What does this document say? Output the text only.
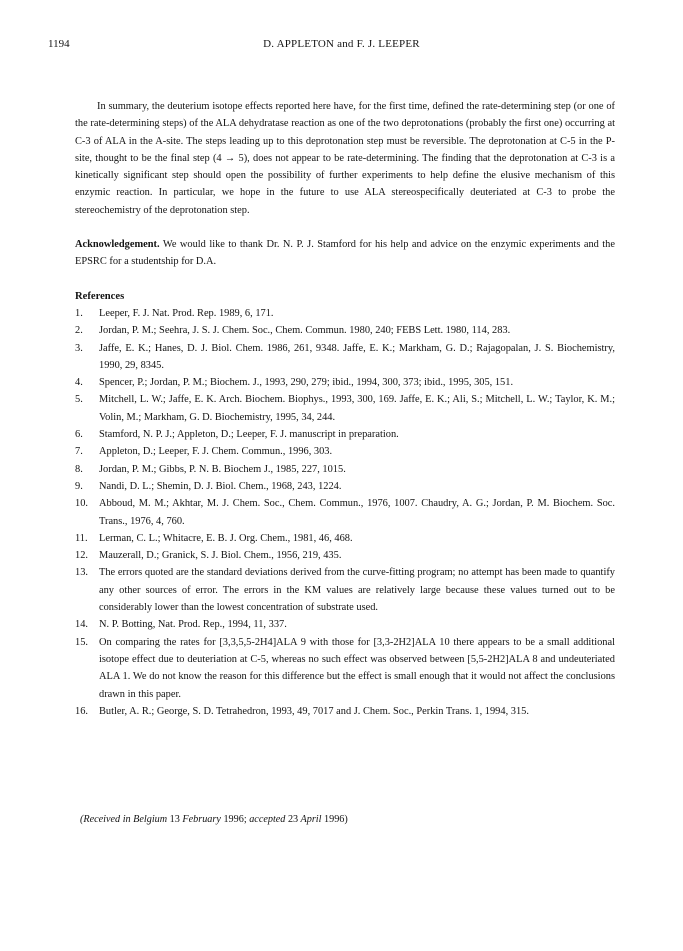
1194	D. APPLETON and F. J. LEEPER

In summary, the deuterium isotope effects reported here have, for the first time, defined the rate-determining step (or one of the rate-determining steps) of the ALA dehydratase reaction as one of the two deprotonations (probably the first one) occurring at C-3 of ALA in the A-site. The steps leading up to this deprotonation step must be reversible. The deprotonation at C-5 in the P-site, thought to be the final step (4 → 5), does not appear to be rate-determining. The finding that the deprotonation at C-3 is a kinetically significant step should open the possibility of further experiments to help define the elusive mechanism of this enzymic reaction. In particular, we hope in the future to use ALA stereospecifically deuteriated at C-3 to probe the stereochemistry of the deprotonation step.

Acknowledgement. We would like to thank Dr. N. P. J. Stamford for his help and advice on the enzymic experiments and the EPSRC for a studentship for D.A.

References

1.	Leeper, F. J. Nat. Prod. Rep. 1989, 6, 171.
2.	Jordan, P. M.; Seehra, J. S. J. Chem. Soc., Chem. Commun. 1980, 240; FEBS Lett. 1980, 114, 283.
3.	Jaffe, E. K.; Hanes, D. J. Biol. Chem. 1986, 261, 9348. Jaffe, E. K.; Markham, G. D.; Rajagopalan, J. S. Biochemistry, 1990, 29, 8345.
4.	Spencer, P.; Jordan, P. M.; Biochem. J., 1993, 290, 279; ibid., 1994, 300, 373; ibid., 1995, 305, 151.
5.	Mitchell, L. W.; Jaffe, E. K. Arch. Biochem. Biophys., 1993, 300, 169. Jaffe, E. K.; Ali, S.; Mitchell, L. W.; Taylor, K. M.; Volin, M.; Markham, G. D. Biochemistry, 1995, 34, 244.
6.	Stamford, N. P. J.; Appleton, D.; Leeper, F. J. manuscript in preparation.
7.	Appleton, D.; Leeper, F. J. Chem. Commun., 1996, 303.
8.	Jordan, P. M.; Gibbs, P. N. B. Biochem J., 1985, 227, 1015.
9.	Nandi, D. L.; Shemin, D. J. Biol. Chem., 1968, 243, 1224.
10.	Abboud, M. M.; Akhtar, M. J. Chem. Soc., Chem. Commun., 1976, 1007. Chaudry, A. G.; Jordan, P. M. Biochem. Soc. Trans., 1976, 4, 760.
11.	Lerman, C. L.; Whitacre, E. B. J. Org. Chem., 1981, 46, 468.
12.	Mauzerall, D.; Granick, S. J. Biol. Chem., 1956, 219, 435.
13.	The errors quoted are the standard deviations derived from the curve-fitting program; no attempt has been made to quantify any other sources of error. The errors in the KM values are relatively large because these values turned out to be considerably lower than the lowest concentration of substrate used.
14.	N. P. Botting, Nat. Prod. Rep., 1994, 11, 337.
15.	On comparing the rates for [3,3,5,5-2H4]ALA 9 with those for [3,3-2H2]ALA 10 there appears to be a small additional isotope effect due to deuteriation at C-5, whereas no such effect was observed between [5,5-2H2]ALA 8 and undeuteriated ALA 1. We do not know the reason for this difference but the effect is small enough that it would not affect the conclusions drawn in this paper.
16.	Butler, A. R.; George, S. D. Tetrahedron, 1993, 49, 7017 and J. Chem. Soc., Perkin Trans. 1, 1994, 315.
(Received in Belgium 13 February 1996; accepted 23 April 1996)
